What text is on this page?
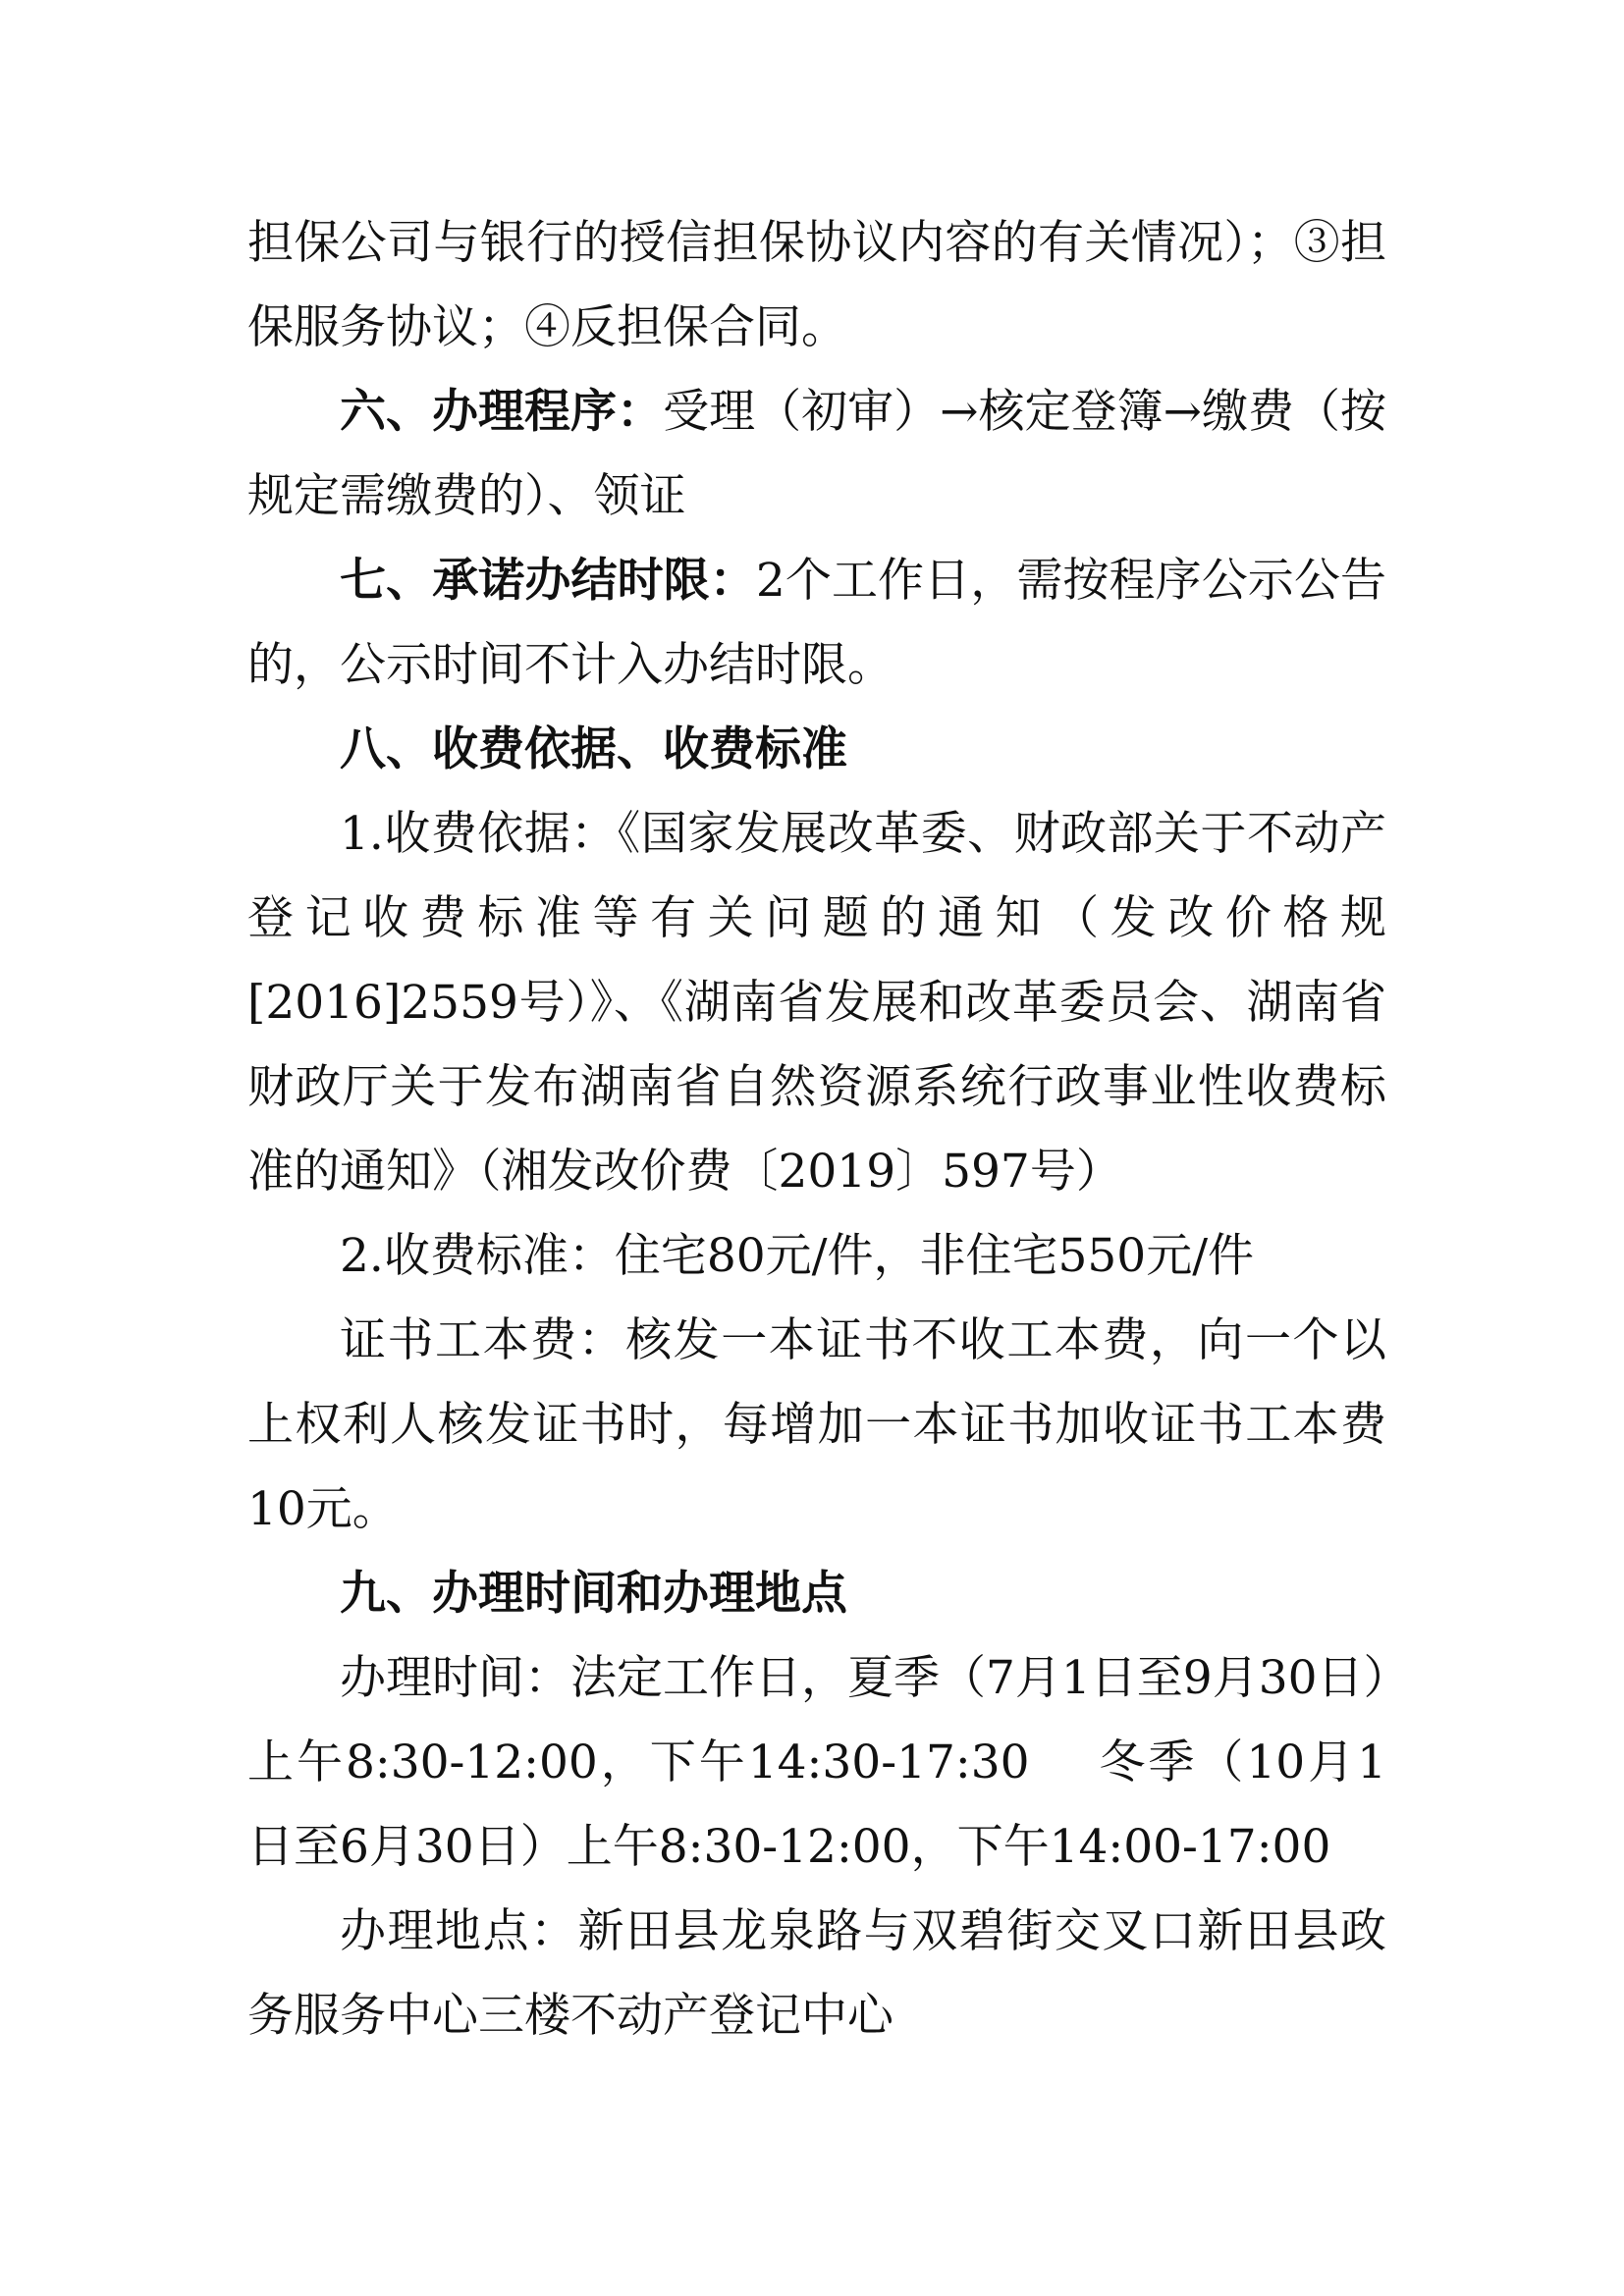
担保公司与银行的授信担保协议内容的有关情况）；③担保服务协议；④反担保合同。

六、办理程序：受理（初审）→核定登簿→缴费（按规定需缴费的）、领证

七、承诺办结时限：2个工作日，需按程序公示公告的，公示时间不计入办结时限。

八、收费依据、收费标准

1.收费依据：《国家发展改革委、财政部关于不动产登记收费标准等有关问题的通知（发改价格规[2016]2559号）》、《湖南省发展和改革委员会、湖南省财政厅关于发布湖南省自然资源系统行政事业性收费标准的通知》（湘发改价费〔2019〕597号）

2.收费标准：住宅80元/件，非住宅550元/件

证书工本费：核发一本证书不收工本费，向一个以上权利人核发证书时，每增加一本证书加收证书工本费10元。

九、办理时间和办理地点

办理时间：法定工作日，夏季（7月1日至9月30日）上午8:30-12:00，下午14:30-17:30　 冬季（10月1日至6月30日）上午8:30-12:00，下午14:00-17:00

办理地点：新田县龙泉路与双碧街交叉口新田县政务服务中心三楼不动产登记中心
